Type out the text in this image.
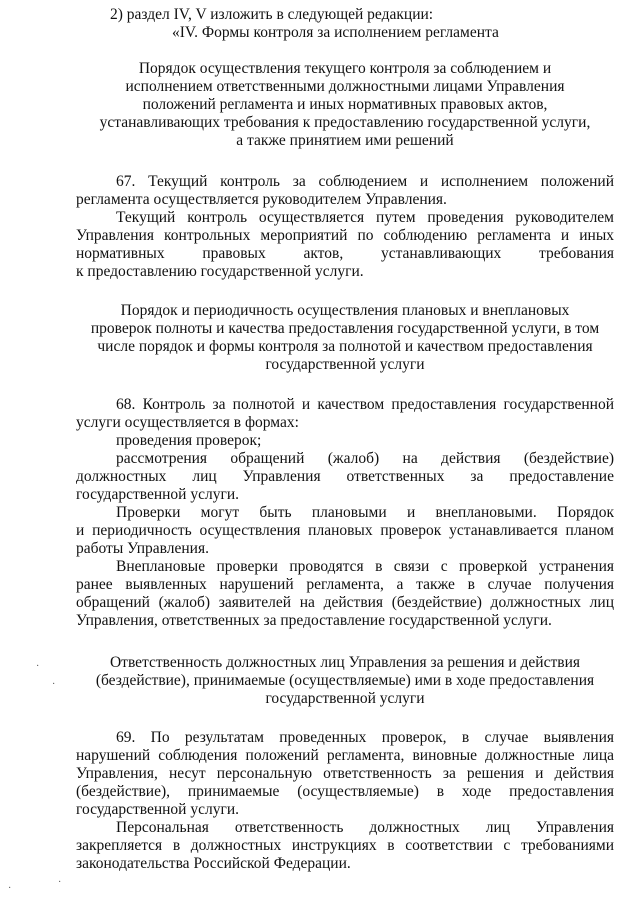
2) раздел IV, V изложить в следующей редакции:
«IV. Формы контроля за исполнением регламента
Порядок осуществления текущего контроля за соблюдением и
исполнением ответственными должностными лицами Управления
положений регламента и иных нормативных правовых актов,
устанавливающих требования к предоставлению государственной услуги,
а также принятием ими решений
67. Текущий контроль за соблюдением и исполнением положений
регламента осуществляется руководителем Управления.
Текущий контроль осуществляется путем проведения руководителем
Управления контрольных мероприятий по соблюдению регламента и иных
нормативных правовых актов, устанавливающих требования
к предоставлению государственной услуги.
Порядок и периодичность осуществления плановых и внеплановых
проверок полноты и качества предоставления государственной услуги, в том
числе порядок и формы контроля за полнотой и качеством предоставления
государственной услуги
68. Контроль за полнотой и качеством предоставления государственной
услуги осуществляется в формах:
проведения проверок;
рассмотрения обращений (жалоб) на действия (бездействие)
должностных лиц Управления ответственных за предоставление
государственной услуги.
Проверки могут быть плановыми и внеплановыми. Порядок
и периодичность осуществления плановых проверок устанавливается планом
работы Управления.
Внеплановые проверки проводятся в связи с проверкой устранения
ранее выявленных нарушений регламента, а также в случае получения
обращений (жалоб) заявителей на действия (бездействие) должностных лиц
Управления, ответственных за предоставление государственной услуги.
Ответственность должностных лиц Управления за решения и действия
(бездействие), принимаемые (осуществляемые) ими в ходе предоставления
государственной услуги
69. По результатам проведенных проверок, в случае выявления
нарушений соблюдения положений регламента, виновные должностные лица
Управления, несут персональную ответственность за решения и действия
(бездействие), принимаемые (осуществляемые) в ходе предоставления
государственной услуги.
Персональная ответственность должностных лиц Управления
закрепляется в должностных инструкциях в соответствии с требованиями
законодательства Российской Федерации.
·
·
·
·
